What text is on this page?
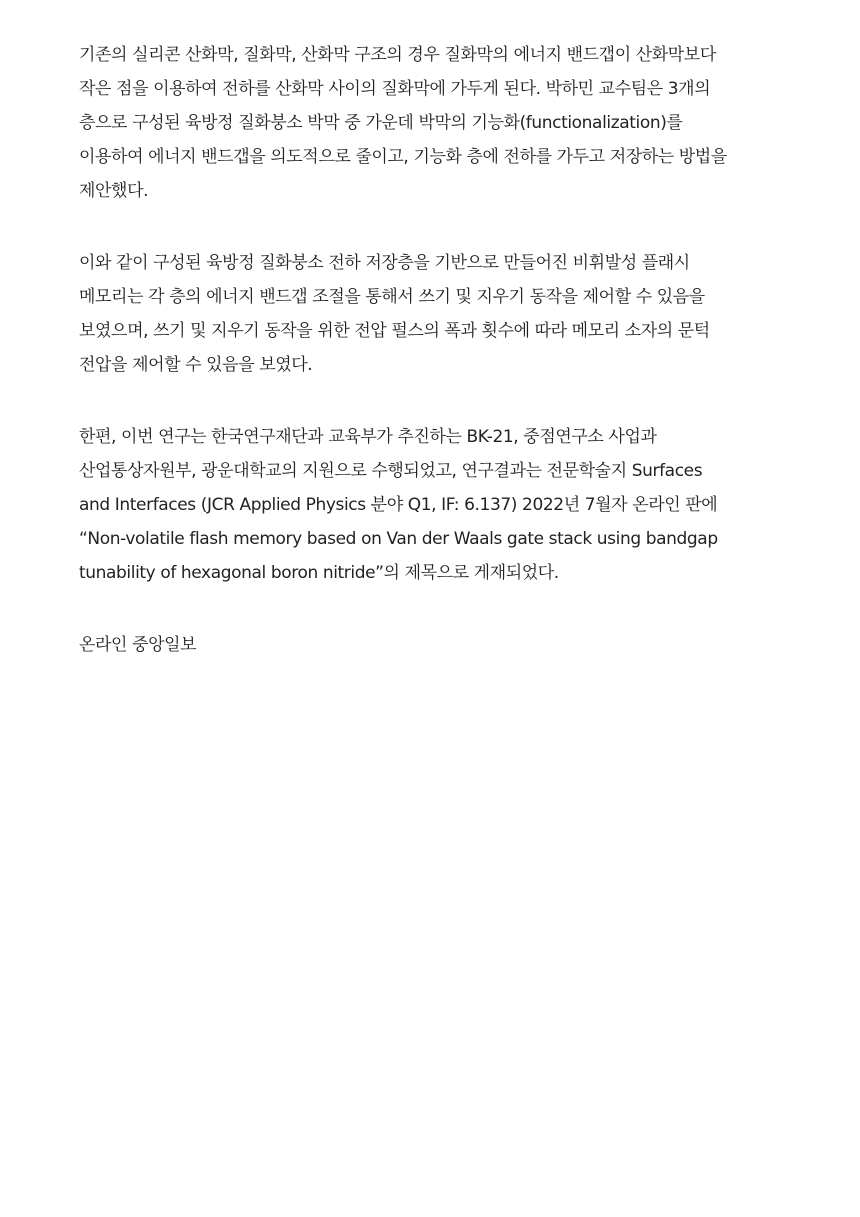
기존의 실리콘 산화막, 질화막, 산화막 구조의 경우 질화막의 에너지 밴드갭이 산화막보다
작은 점을 이용하여 전하를 산화막 사이의 질화막에 가두게 된다. 박하민 교수팀은 3개의
층으로 구성된 육방정 질화붕소 박막 중 가운데 박막의 기능화(functionalization)를
이용하여 에너지 밴드갭을 의도적으로 줄이고, 기능화 층에 전하를 가두고 저장하는 방법을
제안했다.
이와 같이 구성된 육방정 질화붕소 전하 저장층을 기반으로 만들어진 비휘발성 플래시
메모리는 각 층의 에너지 밴드갭 조절을 통해서 쓰기 및 지우기 동작을 제어할 수 있음을
보였으며, 쓰기 및 지우기 동작을 위한 전압 펄스의 폭과 횟수에 따라 메모리 소자의 문턱
전압을 제어할 수 있음을 보였다.
한편, 이번 연구는 한국연구재단과 교육부가 추진하는 BK-21, 중점연구소 사업과
산업통상자원부, 광운대학교의 지원으로 수행되었고, 연구결과는 전문학술지 Surfaces
and Interfaces (JCR Applied Physics 분야 Q1, IF: 6.137) 2022년 7월자 온라인 판에
“Non-volatile flash memory based on Van der Waals gate stack using bandgap
tunability of hexagonal boron nitride”의 제목으로 게재되었다.

온라인 중앙일보
